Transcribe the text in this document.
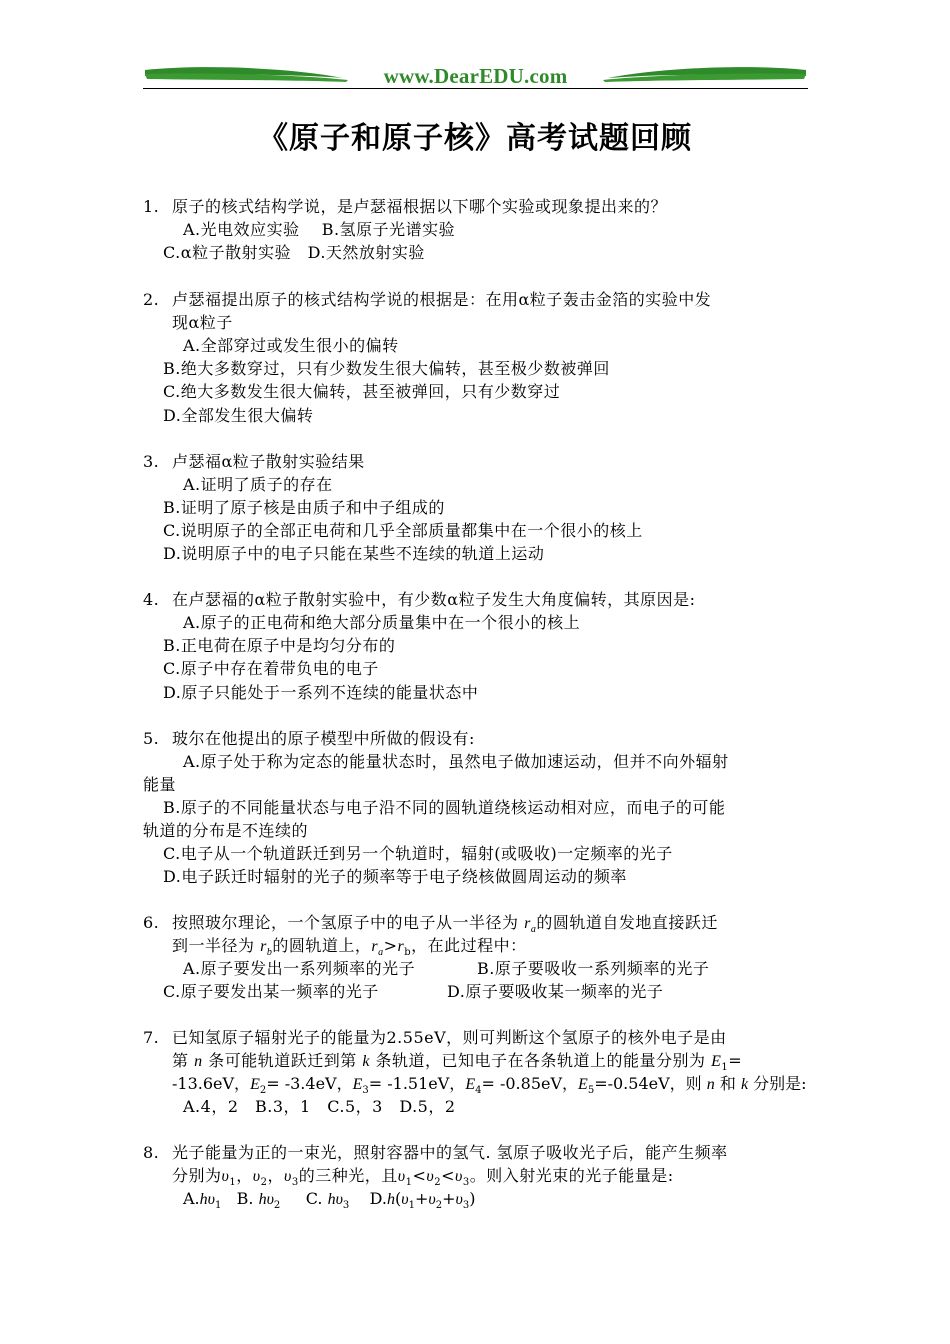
www.DearEDU.com
《原子和原子核》高考试题回顾
1. 原子的核式结构学说，是卢瑟福根据以下哪个实验或现象提出来的？
A.光电效应实验　 B.氢原子光谱实验
C.α粒子散射实验　D.天然放射实验
2. 卢瑟福提出原子的核式结构学说的根据是：在用α粒子轰击金箔的实验中发
现α粒子
A.全部穿过或发生很小的偏转
B.绝大多数穿过，只有少数发生很大偏转，甚至极少数被弹回
C.绝大多数发生很大偏转，甚至被弹回，只有少数穿过
D.全部发生很大偏转
3. 卢瑟福α粒子散射实验结果
A.证明了质子的存在
B.证明了原子核是由质子和中子组成的
C.说明原子的全部正电荷和几乎全部质量都集中在一个很小的核上
D.说明原子中的电子只能在某些不连续的轨道上运动
4. 在卢瑟福的α粒子散射实验中，有少数α粒子发生大角度偏转，其原因是:
A.原子的正电荷和绝大部分质量集中在一个很小的核上
B.正电荷在原子中是均匀分布的
C.原子中存在着带负电的电子
D.原子只能处于一系列不连续的能量状态中
5. 玻尔在他提出的原子模型中所做的假设有:
A.原子处于称为定态的能量状态时，虽然电子做加速运动，但并不向外辐射
能量
B.原子的不同能量状态与电子沿不同的圆轨道绕核运动相对应，而电子的可能
轨道的分布是不连续的
C.电子从一个轨道跃迁到另一个轨道时，辐射(或吸收)一定频率的光子
D.电子跃迁时辐射的光子的频率等于电子绕核做圆周运动的频率
6. 按照玻尔理论，一个氢原子中的电子从一半径为 $r_a$的圆轨道自发地直接跃迁
到一半径为 $r_b$的圆轨道上，$r_a>r_b$，在此过程中：
A.原子要发出一系列频率的光子	B.原子要吸收一系列频率的光子
C.原子要发出某一频率的光子	D.原子要吸收某一频率的光子
7. 已知氢原子辐射光子的能量为2.55eV，则可判断这个氢原子的核外电子是由
第 n 条可能轨道跃迁到第 k 条轨道，已知电子在各条轨道上的能量分别为 $E_1=$
-13.6eV，$E_2= -3.4eV$，$E_3= -1.51eV$，$E_4= -0.85eV$，$E_5=-0.54eV$，则 n 和 k 分别是:
A.4，2　B.3，1　C.5，3　D.5，2
8. 光子能量为正的一束光，照射容器中的氢气. 氢原子吸收光子后，能产生频率
分别为$\upsilon_1$，$\upsilon_2$，$\upsilon_3$的三种光，且$\upsilon_1<\upsilon_2<\upsilon_3$。则入射光束的光子能量是:
$A.h\upsilon_1$ B. $h\upsilon_2$ C. $h\upsilon_3$ $D.h(\upsilon_1+\upsilon_2+\upsilon_3)$
